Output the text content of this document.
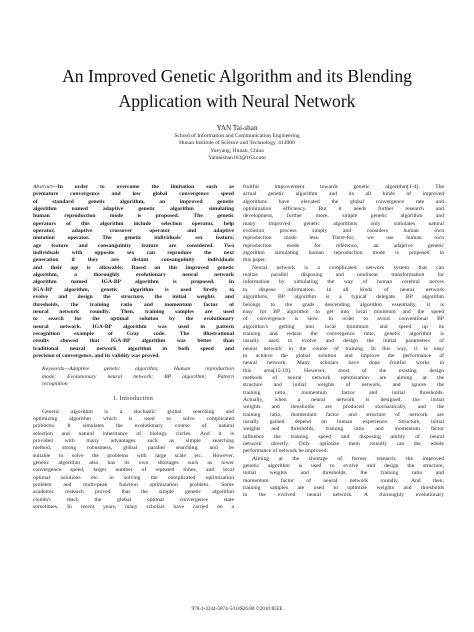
An Improved Genetic Algorithm and its Blending
Application with Neural Network
YAN Tai-shan
School of Information and Communication Engineering
Hunan Institute of Science and Technology, 414000
Yueyang, Hunan, China
Yantaishan163@163.com
Abstract—In order to overcome the limitation such as
premature convergence and low global convergence speed
of standard genetic algorithm, an improved genetic
algorithm named adaptive genetic algorithm simulating
human reproduction mode is proposed. The genetic
operators of this algorithm include selection operator, help
operator, adaptive crossover operator and adaptive
mutation operator. The genetic individuals' sex feature,
age feature and consanguinity feature are considered. Two
individuals with opposite sex can reproduce the next
generation if they are distant consanguinity individuals
and their age is allowable. Based on this improved genetic
algorithm, a thoroughly evolutionary neural network
algorithm named IGA-BP algorithm is proposed. In
IGA-BP algorithm, genetic algorithm is used firstly to
evolve and design the structure, the initial weights and
thresholds, the training ratio and momentum factor of
neural network roundly. Then, training samples are used
to search for the optimal solution by the evolutionary
neural network. IGA-BP algorithm was used in pattern
recognition example of Gray code. The illustrational
results showed that IGA-BP algorithm was better than
traditional neural network algorithm in both speed and
precision of convergence, and its validity was proved.
Keywords—Adaptive genetic algorithm; Human reproduction
mode; Evolutionary neural network; BP algorithm; Pattern
recognition
I. Introduction
Genetic algorithm is a stochastic global searching and
optimizing algorithm which is used to solve complicated
problems. It simulates the evolutionary course of natural
selection and natural inheritance of biology circles. And it is
provided with many advantages such as simple searching
method, strong robustness, global parallel searching, and be
suitable to solve the problems with large scale etc.. However,
genetic algorithm also has its own shortages such as lower
convergence speed, larger number of repeated times, and local
optimal solutions etc. in solving the complicated optimization
problem and multi-peak function optimization problem. Some
academic research proved that the simple genetic algorithm
couldn't reach the global optimal convergence state
sometimes. In recent years, many scholars have carried on a
fruitful improvement towards genetic algorithm[1-4]. The
actual genetic algorithm and its all kinds of improved
algorithms have elevated the global convergence rate and
optimization efficiency. But it needs further research and
development, further more, simple genetic algorithm and
many improved genetic algorithms only simulates natural
evolution process simply and considers human own
reproduction mode less. There-for, we use human own
reproduction mode for reference, an adaptive genetic
algorithm simulating human reproduction mode is proposed in
this paper.
Neural network is a complicated network system that can
realize parallel disposing and nonlinear transformation for
information by simulating the way of human cerebral nerves
to dispose information. In all kinds of neural network
algorithms, BP algorithm is a typical delegate. BP algorithm
belongs to the grads descending algorithm essentially, it is
easy for BP algorithm to get into local minimum and the speed
of convergence is slow. In order to avoid conventional BP
algorithm's getting into local minimum and speed up its
training and reduce the convergence time, genetic algorithm is
usually used to evolve and design the initial parameters of
neural network in the course of training. In this way, it is easy
to achieve the global solution and improve the performance of
neural network. Many scholars have done fruitful works in
this area[15-19]. However, most of the existing design
methods of neural network optimization are aiming at the
structure and initial weights of network, and ignore the
training ratio, momentum factor and initial thresholds.
Actually, when a neural network is designed, the initial
weights and thresholds are produced stochastically, and the
training ratio, momentum factor and structure of network are
usually gained depend on human experience. Structure, initial
weights and thresholds, training ratio and momentum factor
influence the training speed and disposing ability of neural
network directly. Only optimize them roundly can the whole
performance of network be improved.
Aiming at the shortage of former research, the improved
genetic algorithm is used to evolve and design the structure,
initial weights and thresholds, the training ratio and
momentum factor of neural network roundly. And then,
training samples are used to optimize weights and thresholds
in the evolved neural network. A thoroughly evolutionary
978-1-4244-5874-5/10/$26.00 ©2010 IEEE
